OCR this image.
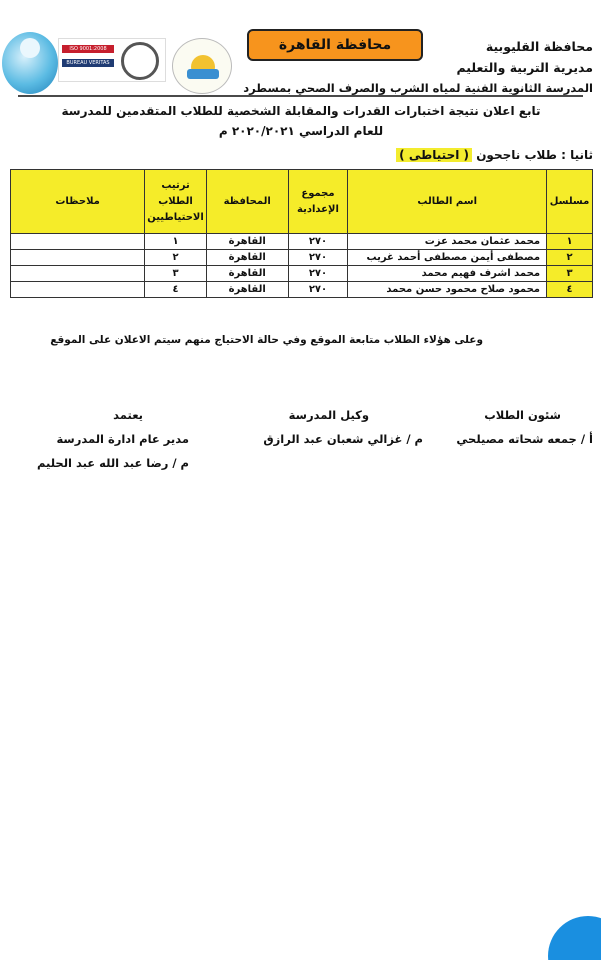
ISO 9001:2008
BUREAU VERITAS
محافظة القاهرة	محافظة القليوبية
مديرية التربية والتعليم
المدرسة الثانوية الفنية لمياه الشرب والصرف الصحي بمسطرد
تابع اعلان نتيجة اختبارات القدرات والمقابلة الشخصية للطلاب المتقدمين للمدرسة
للعام الدراسي ٢٠٢٠/٢٠٢١ م
ثانيا : طلاب ناجحون ( احتياطى )
مسلسل	اسم الطالب	مجموع الإعدادية	المحافظة	ترتيب الطلاب الاحتياطيين	ملاحظات
١	محمد عثمان محمد عزت	٢٧٠	القاهرة	١	
٢	مصطفى أيمن مصطفى أحمد غريب	٢٧٠	القاهرة	٢	
٣	محمد اشرف فهيم محمد	٢٧٠	القاهرة	٣	
٤	محمود صلاح محمود حسن محمد	٢٧٠	القاهرة	٤	
وعلى هؤلاء الطلاب متابعة الموقع وفي حالة الاحتياج منهم سيتم الاعلان على الموقع
شئون الطلاب
أ / جمعه شحاته مصيلحي
وكيل المدرسة
م / غزالي شعبان عبد الرازق
يعتمد
مدير عام ادارة المدرسة
م / رضا عبد الله عبد الحليم
